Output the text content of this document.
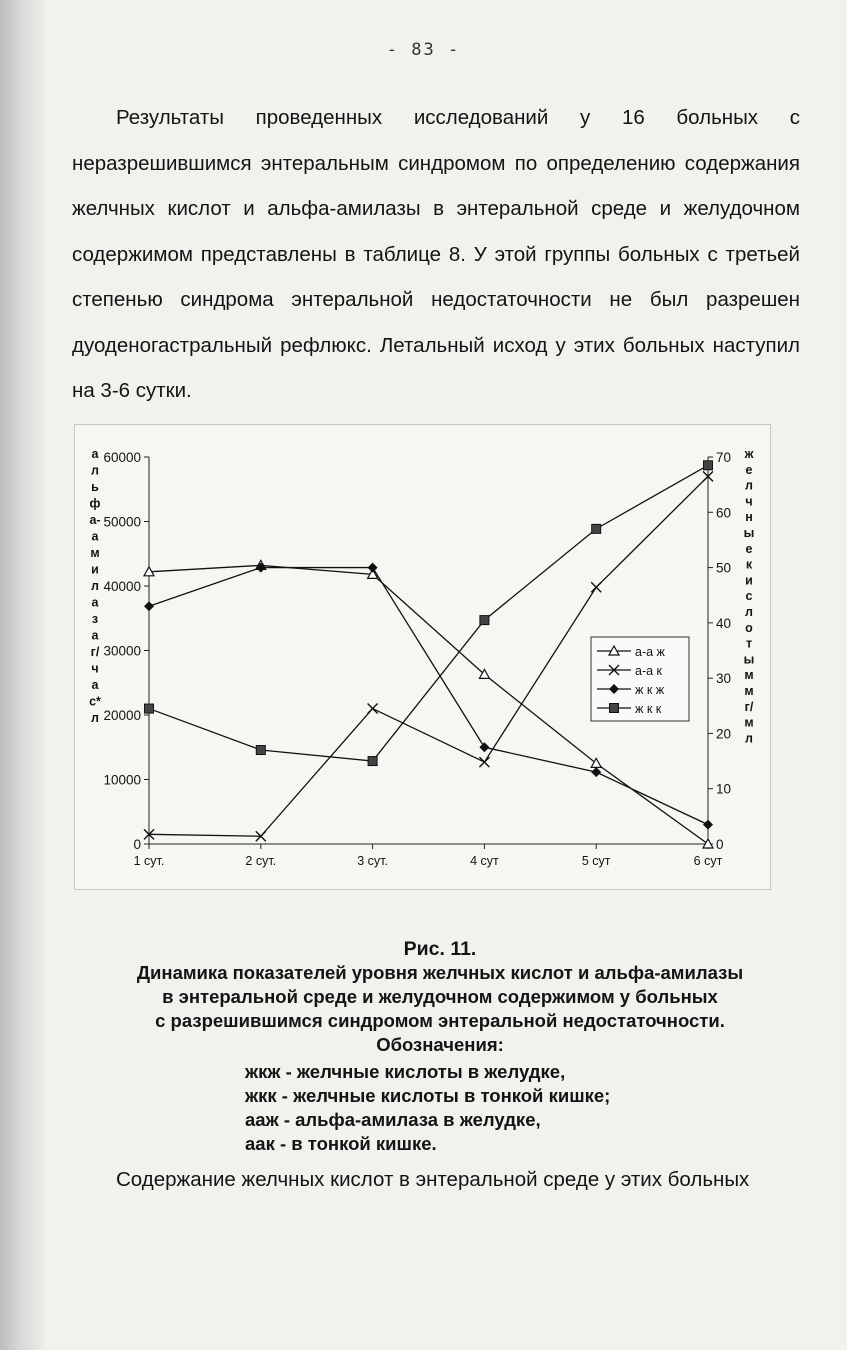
- 83 -
Результаты проведенных исследований у 16 больных с неразрешившимся энтеральным синдромом по определению содержания желчных кислот и альфа-амилазы в энтеральной среде и желудочном содержимом представлены в таблице 8. У этой группы больных с третьей степенью синдрома энтеральной недостаточности не был разрешен дуоденогастральный рефлюкс. Летальный исход у этих больных наступил на 3-6 сутки.
0
10000
20000
30000
40000
50000
60000
0
10
20
30
40
50
60
70
1 сут.	2 сут.	3 сут.	4 сут	5 сут	6 сут
а
л
ь
ф
а-
а
м
и
л
а
з
а
г/
ч
а
с*
л
ж
е
л
ч
н
ы
е
к
и
с
л
о
т
ы
м
м
г/
м
л
а-а ж
а-а к
ж к ж
ж к к
Рис. 11.
Динамика показателей уровня желчных кислот и альфа-амилазы
в энтеральной среде и желудочном содержимом у больных
с разрешившимся синдромом энтеральной недостаточности.
Обозначения:
жкж - желчные кислоты в желудке,
жкк - желчные кислоты в тонкой кишке;
ааж - альфа-амилаза в желудке,
аак - в тонкой кишке.
Содержание желчных кислот в энтеральной среде у этих больных
